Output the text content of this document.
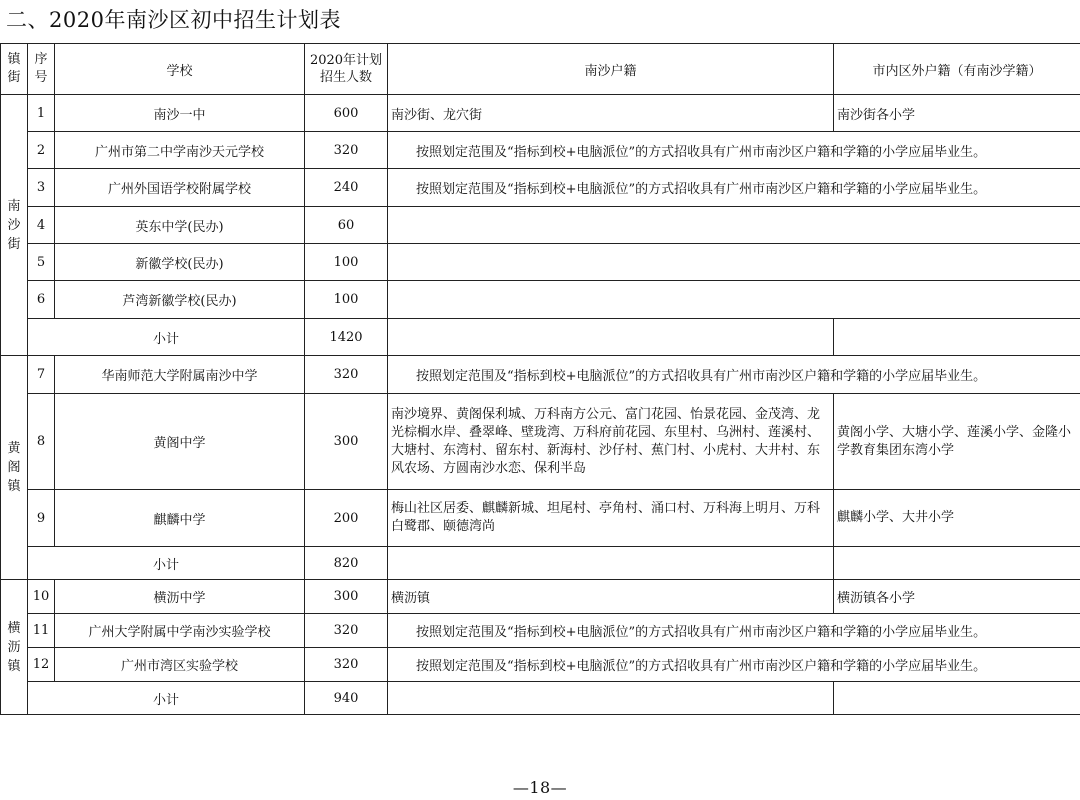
二、2020年南沙区初中招生计划表
镇
街	序
号	学校	2020年计划
招生人数	南沙户籍	市内区外户籍（有南沙学籍）

南
沙
街	1	南沙一中	600	南沙街、龙穴街	南沙街各小学
	2	广州市第二中学南沙天元学校	320	按照划定范围及“指标到校+电脑派位”的方式招收具有广州市南沙区户籍和学籍的小学应届毕业生。	
	3	广州外国语学校附属学校	240	按照划定范围及“指标到校+电脑派位”的方式招收具有广州市南沙区户籍和学籍的小学应届毕业生。	
	4	英东中学(民办)	60		
	5	新徽学校(民办)	100		
	6	芦湾新徽学校(民办)	100		
	小计		1420		

黄
阁
镇	7	华南师范大学附属南沙中学	320	按照划定范围及“指标到校+电脑派位”的方式招收具有广州市南沙区户籍和学籍的小学应届毕业生。	
	8	黄阁中学	300	南沙境界、黄阁保利城、万科南方公元、富门花园、怡景花园、金茂湾、龙光棕榈水岸、叠翠峰、壁珑湾、万科府前花园、东里村、乌洲村、莲溪村、大塘村、东湾村、留东村、新海村、沙仔村、蕉门村、小虎村、大井村、东风农场、方圆南沙水恋、保利半岛	黄阁小学、大塘小学、莲溪小学、金隆小学教育集团东湾小学
	9	麒麟中学	200	梅山社区居委、麒麟新城、坦尾村、亭角村、涌口村、万科海上明月、万科白鹭郡、颐德湾尚	麒麟小学、大井小学
	小计		820		

横
沥
镇	10	横沥中学	300	横沥镇	横沥镇各小学
	11	广州大学附属中学南沙实验学校	320	按照划定范围及“指标到校+电脑派位”的方式招收具有广州市南沙区户籍和学籍的小学应届毕业生。	
	12	广州市湾区实验学校	320	按照划定范围及“指标到校+电脑派位”的方式招收具有广州市南沙区户籍和学籍的小学应届毕业生。	
	小计		940		
—18—
